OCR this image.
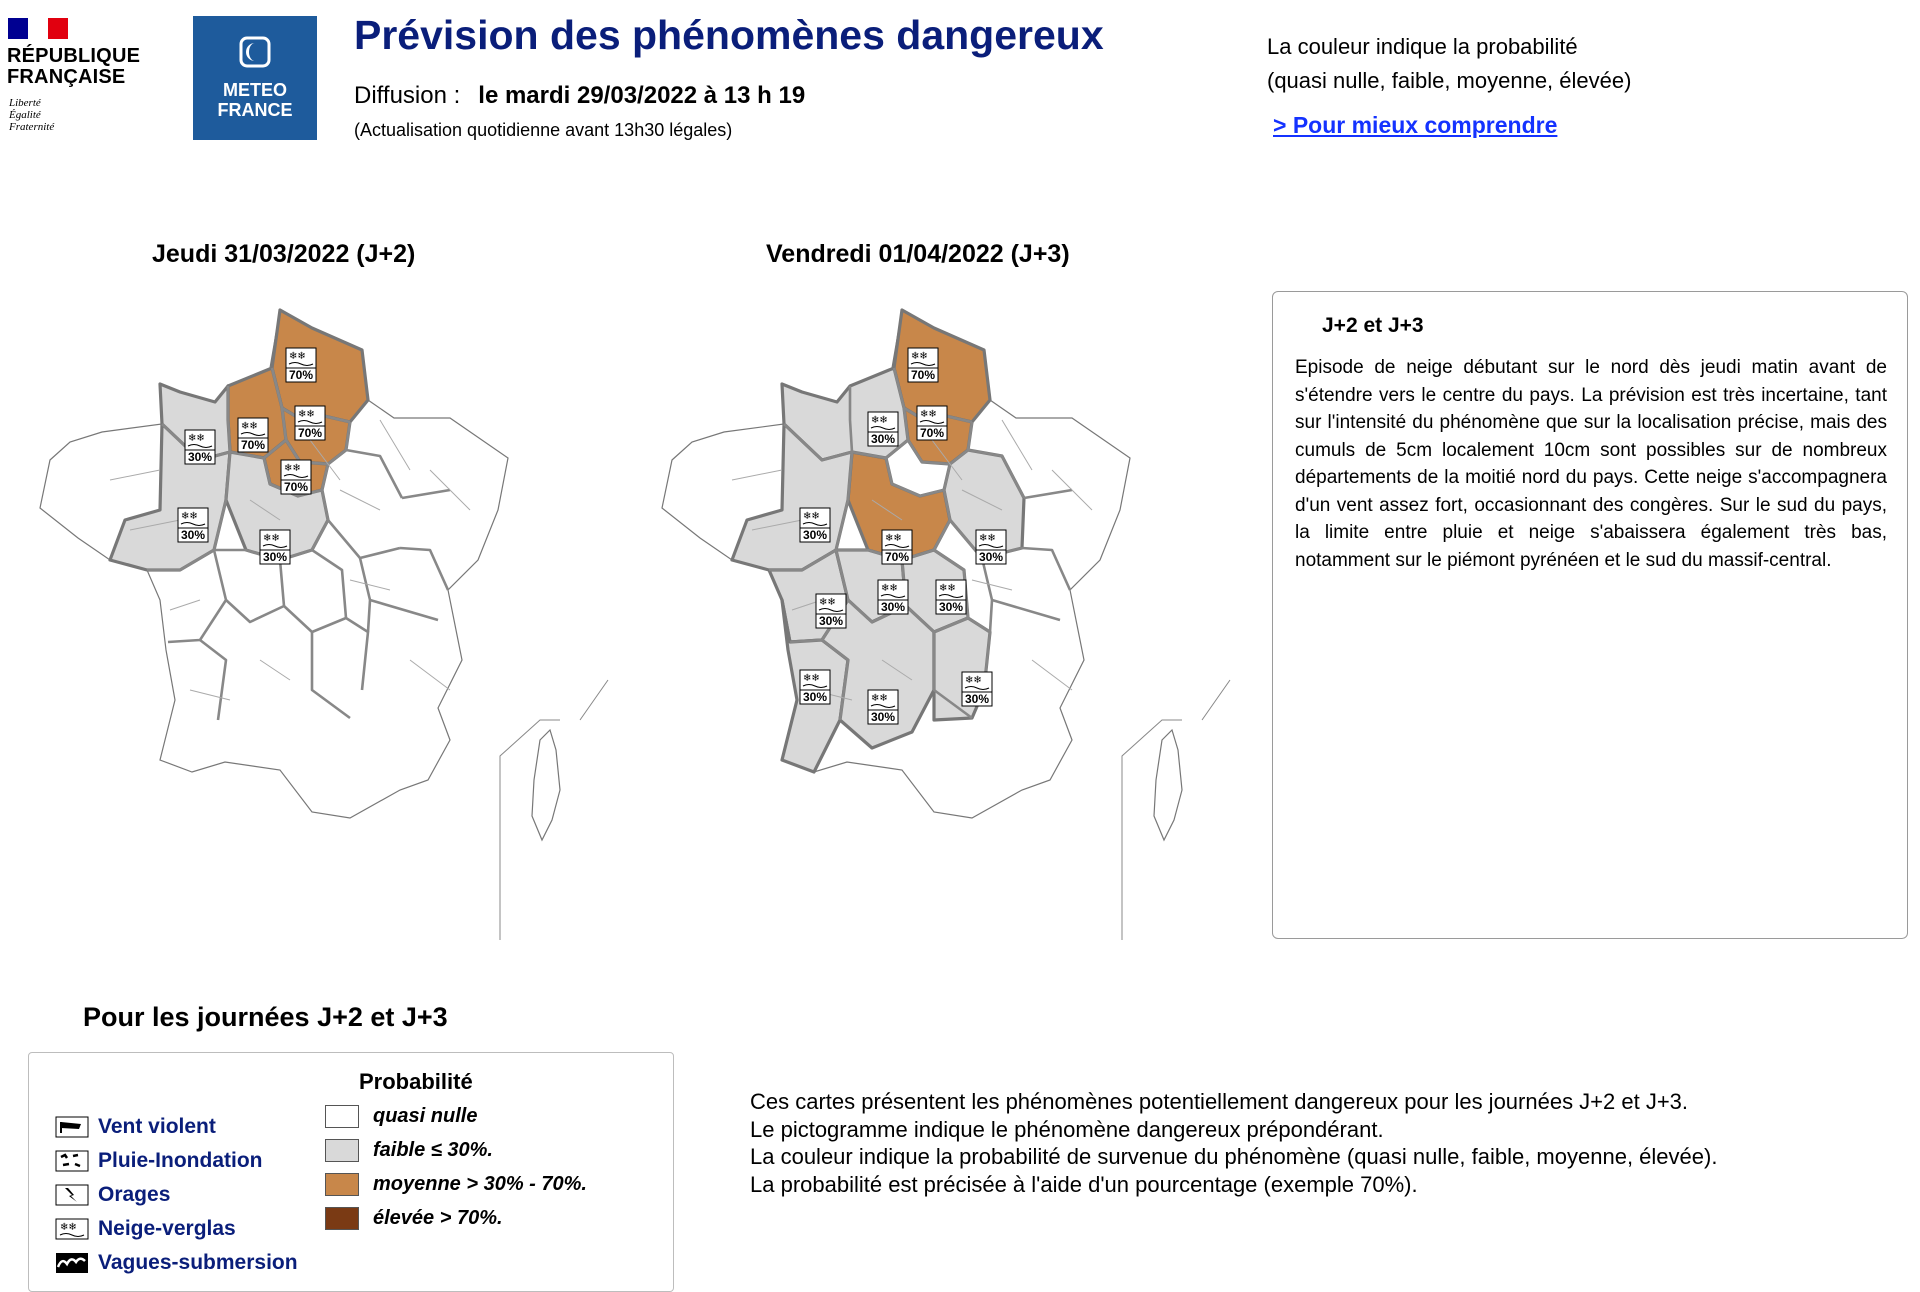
RÉPUBLIQUE
FRANÇAISE
Liberté
Égalité
Fraternité
METEO
FRANCE
Prévision des phénomènes dangereux
Diffusion : le mardi 29/03/2022 à 13 h 19
(Actualisation quotidienne avant 13h30 légales)
La couleur indique la probabilité
(quasi nulle, faible, moyenne, élevée)
> Pour mieux comprendre
Jeudi 31/03/2022 (J+2)	Vendredi 01/04/2022 (J+3)
❄❄
70%
❄❄
70%
❄❄
70%
❄❄
70%
❄❄
30%
❄❄
30%	❄❄
30%
❄❄
70%
❄❄
70%
❄❄
70%
❄❄
30%
❄❄
30%	❄❄
30%
❄❄
30%
❄❄
30%
❄❄
30%
❄❄
30%	❄❄
30%
❄❄
30%
J+2 et J+3
Episode de neige débutant sur le nord dès jeudi matin avant de s'étendre vers le centre du pays. La prévision est très incertaine, tant sur l'intensité du phénomène que sur la localisation précise, mais des cumuls de 5cm localement 10cm sont possibles sur de nombreux départements de la moitié nord du pays. Cette neige s'accompagnera d'un vent assez fort, occasionnant des congères. Sur le sud du pays, la limite entre pluie et neige s'abaissera également très bas, notamment sur le piémont pyrénéen et le sud du massif-central.
Pour les journées J+2 et J+3
Vent violent
Pluie-Inondation
Orages
❄❄ Neige-verglas
Vagues-submersion
Probabilité
quasi nulle
faible ≤ 30%.
moyenne > 30% - 70%.
élevée > 70%.

Ces cartes présentent les phénomènes potentiellement dangereux pour les journées J+2 et J+3.

Le pictogramme indique le phénomène dangereux prépondérant.

La couleur indique la probabilité de survenue du phénomène (quasi nulle, faible, moyenne, élevée).

La probabilité est précisée à l'aide d'un pourcentage (exemple 70%).
